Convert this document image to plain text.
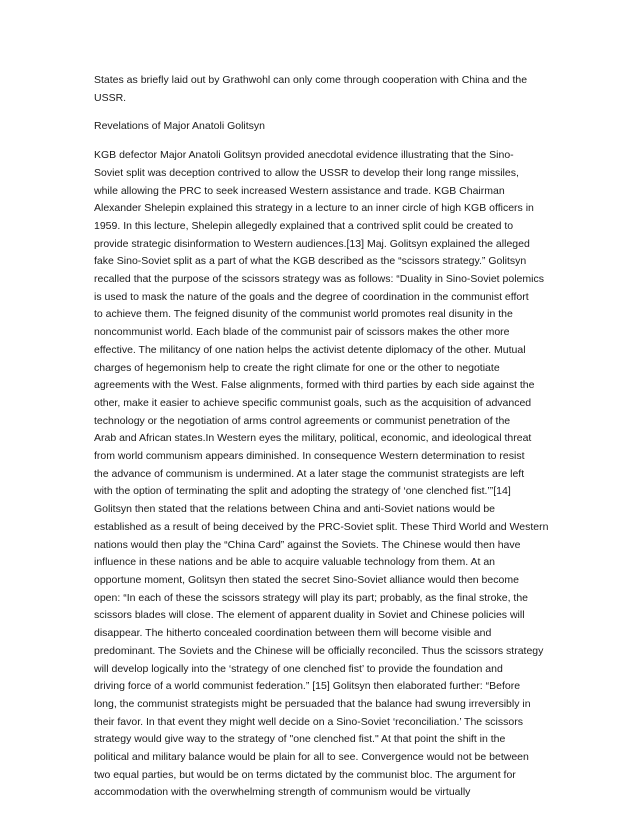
States as briefly laid out by Grathwohl can only come through cooperation with China and the
USSR.

Revelations of Major Anatoli Golitsyn

KGB defector Major Anatoli Golitsyn provided anecdotal evidence illustrating that the Sino-
Soviet split was deception contrived to allow the USSR to develop their long range missiles,
while allowing the PRC to seek increased Western assistance and trade. KGB Chairman
Alexander Shelepin explained this strategy in a lecture to an inner circle of high KGB officers in
1959. In this lecture, Shelepin allegedly explained that a contrived split could be created to
provide strategic disinformation to Western audiences.[13] Maj. Golitsyn explained the alleged
fake Sino-Soviet split as a part of what the KGB described as the “scissors strategy.” Golitsyn
recalled that the purpose of the scissors strategy was as follows: “Duality in Sino-Soviet polemics
is used to mask the nature of the goals and the degree of coordination in the communist effort
to achieve them. The feigned disunity of the communist world promotes real disunity in the
noncommunist world. Each blade of the communist pair of scissors makes the other more
effective. The militancy of one nation helps the activist detente diplomacy of the other. Mutual
charges of hegemonism help to create the right climate for one or the other to negotiate
agreements with the West. False alignments, formed with third parties by each side against the
other, make it easier to achieve specific communist goals, such as the acquisition of advanced
technology or the negotiation of arms control agreements or communist penetration of the
Arab and African states.In Western eyes the military, political, economic, and ideological threat
from world communism appears diminished. In consequence Western determination to resist
the advance of communism is undermined. At a later stage the communist strategists are left
with the option of terminating the split and adopting the strategy of ‘one clenched fist.’”[14]
Golitsyn then stated that the relations between China and anti-Soviet nations would be
established as a result of being deceived by the PRC-Soviet split. These Third World and Western
nations would then play the “China Card” against the Soviets. The Chinese would then have
influence in these nations and be able to acquire valuable technology from them. At an
opportune moment, Golitsyn then stated the secret Sino-Soviet alliance would then become
open: “In each of these the scissors strategy will play its part; probably, as the final stroke, the
scissors blades will close. The element of apparent duality in Soviet and Chinese policies will
disappear. The hitherto concealed coordination between them will become visible and
predominant. The Soviets and the Chinese will be officially reconciled. Thus the scissors strategy
will develop logically into the ‘strategy of one clenched fist’ to provide the foundation and
driving force of a world communist federation.” [15] Golitsyn then elaborated further: “Before
long, the communist strategists might be persuaded that the balance had swung irreversibly in
their favor. In that event they might well decide on a Sino-Soviet ‘reconciliation.’ The scissors
strategy would give way to the strategy of "one clenched fist." At that point the shift in the
political and military balance would be plain for all to see. Convergence would not be between
two equal parties, but would be on terms dictated by the communist bloc. The argument for
accommodation with the overwhelming strength of communism would be virtually
